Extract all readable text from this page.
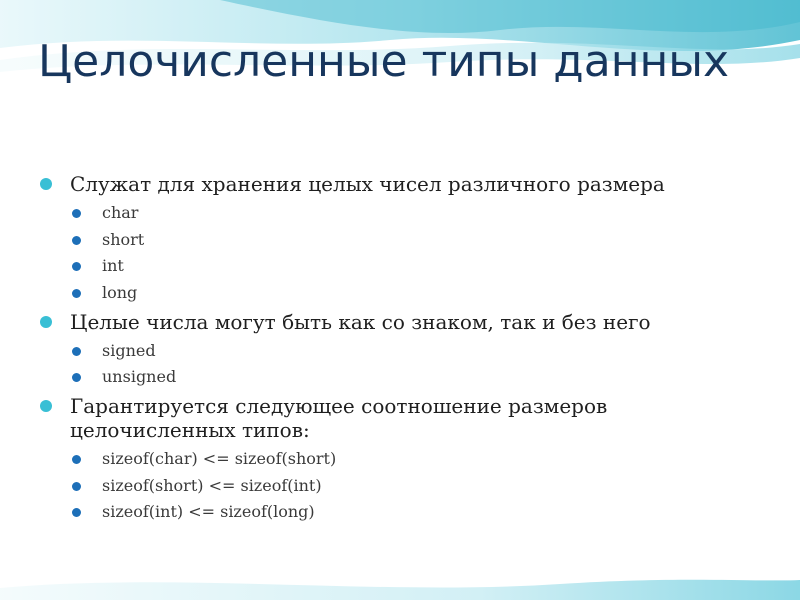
Целочисленные типы данных
Служат для хранения целых чисел различного размера
char
short
int
long
Целые числа могут быть как со знаком, так и без него
signed
unsigned
Гарантируется следующее соотношение размеров целочисленных типов:
sizeof(char) <= sizeof(short)
sizeof(short) <= sizeof(int)
sizeof(int) <= sizeof(long)
